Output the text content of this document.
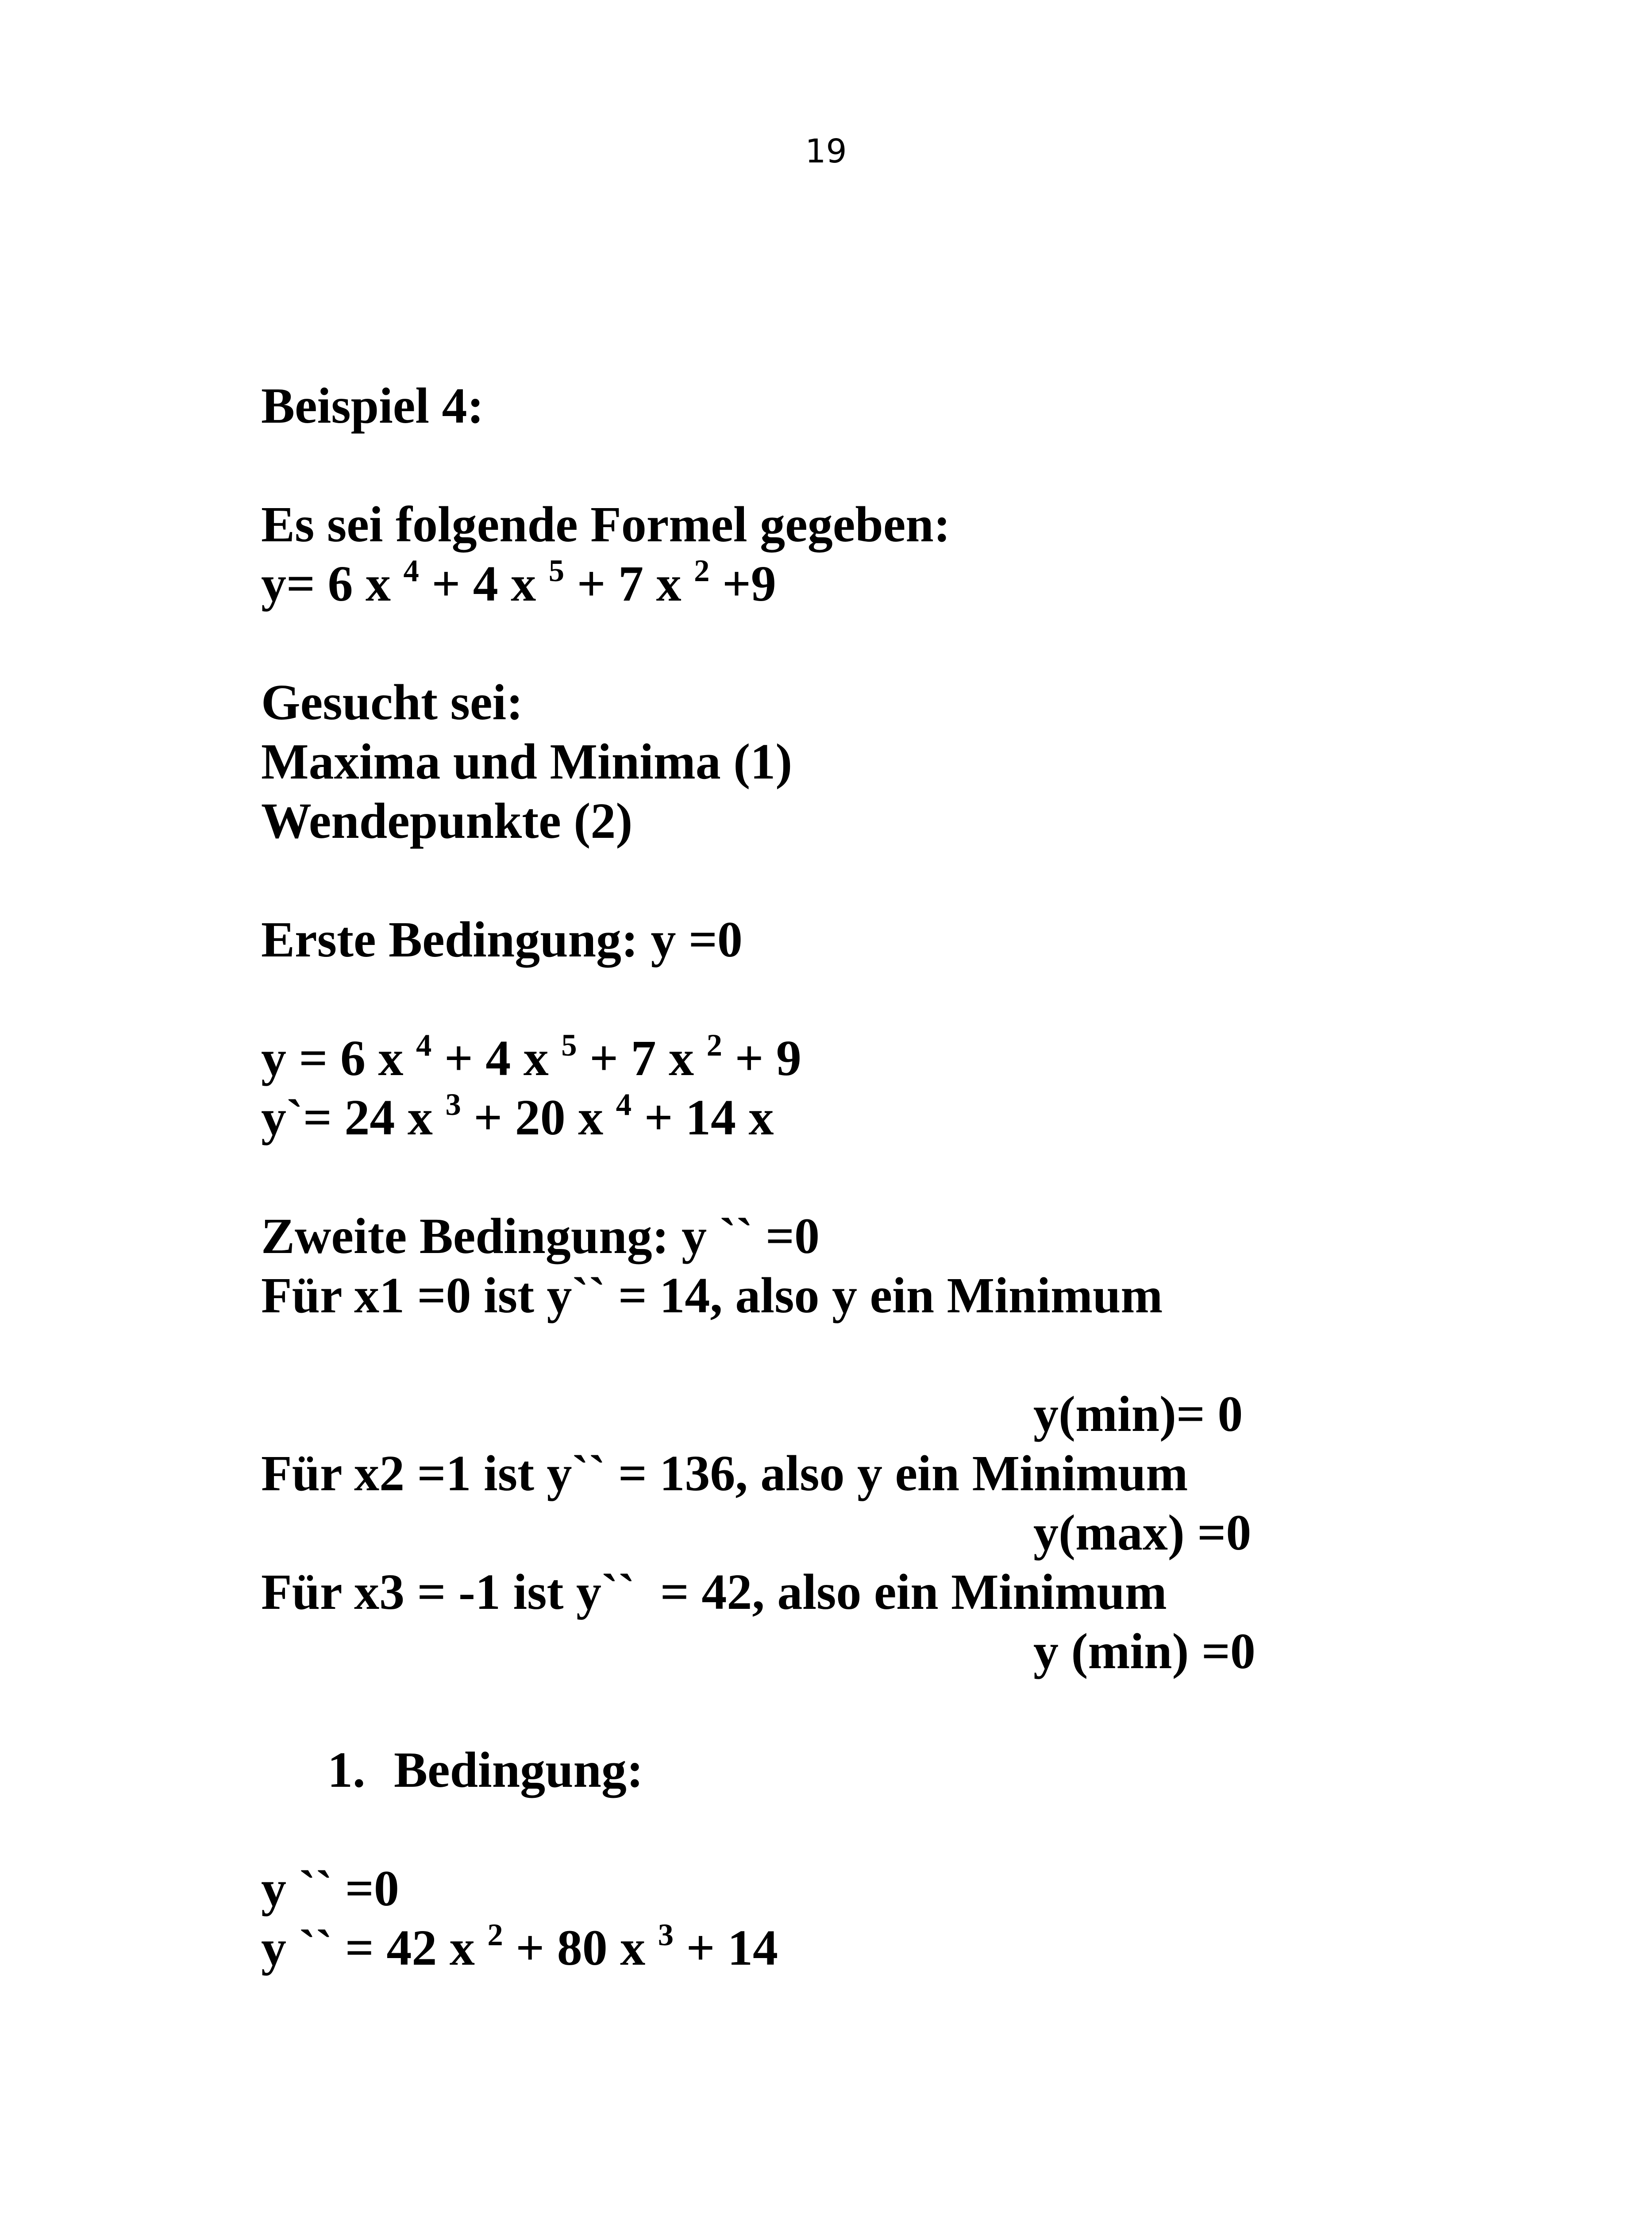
19
Beispiel 4:
Es sei folgende Formel gegeben:
y= 6 x $^4$ + 4 x $^5$ + 7 x $^2$ +9
Gesucht sei:
Maxima und Minima (1)
Wendepunkte (2)
Erste Bedingung: y =0
y = 6 x $^4$ + 4 x $^5$ + 7 x $^2$ + 9
y`= 24 x $^3$ + 20 x $^4$ + 14 x
Zweite Bedingung: y `` =0
Für x1 =0 ist y`` = 14, also y ein Minimum
y(min)= 0
Für x2 =1 ist y`` = 136, also y ein Minimum
y(max) =0
Für x3 = -1 ist y``  = 42, also ein Minimum
y (min) =0
1. Bedingung:
y `` =0
y `` = 42 x $^2$ + 80 x $^3$ + 14
